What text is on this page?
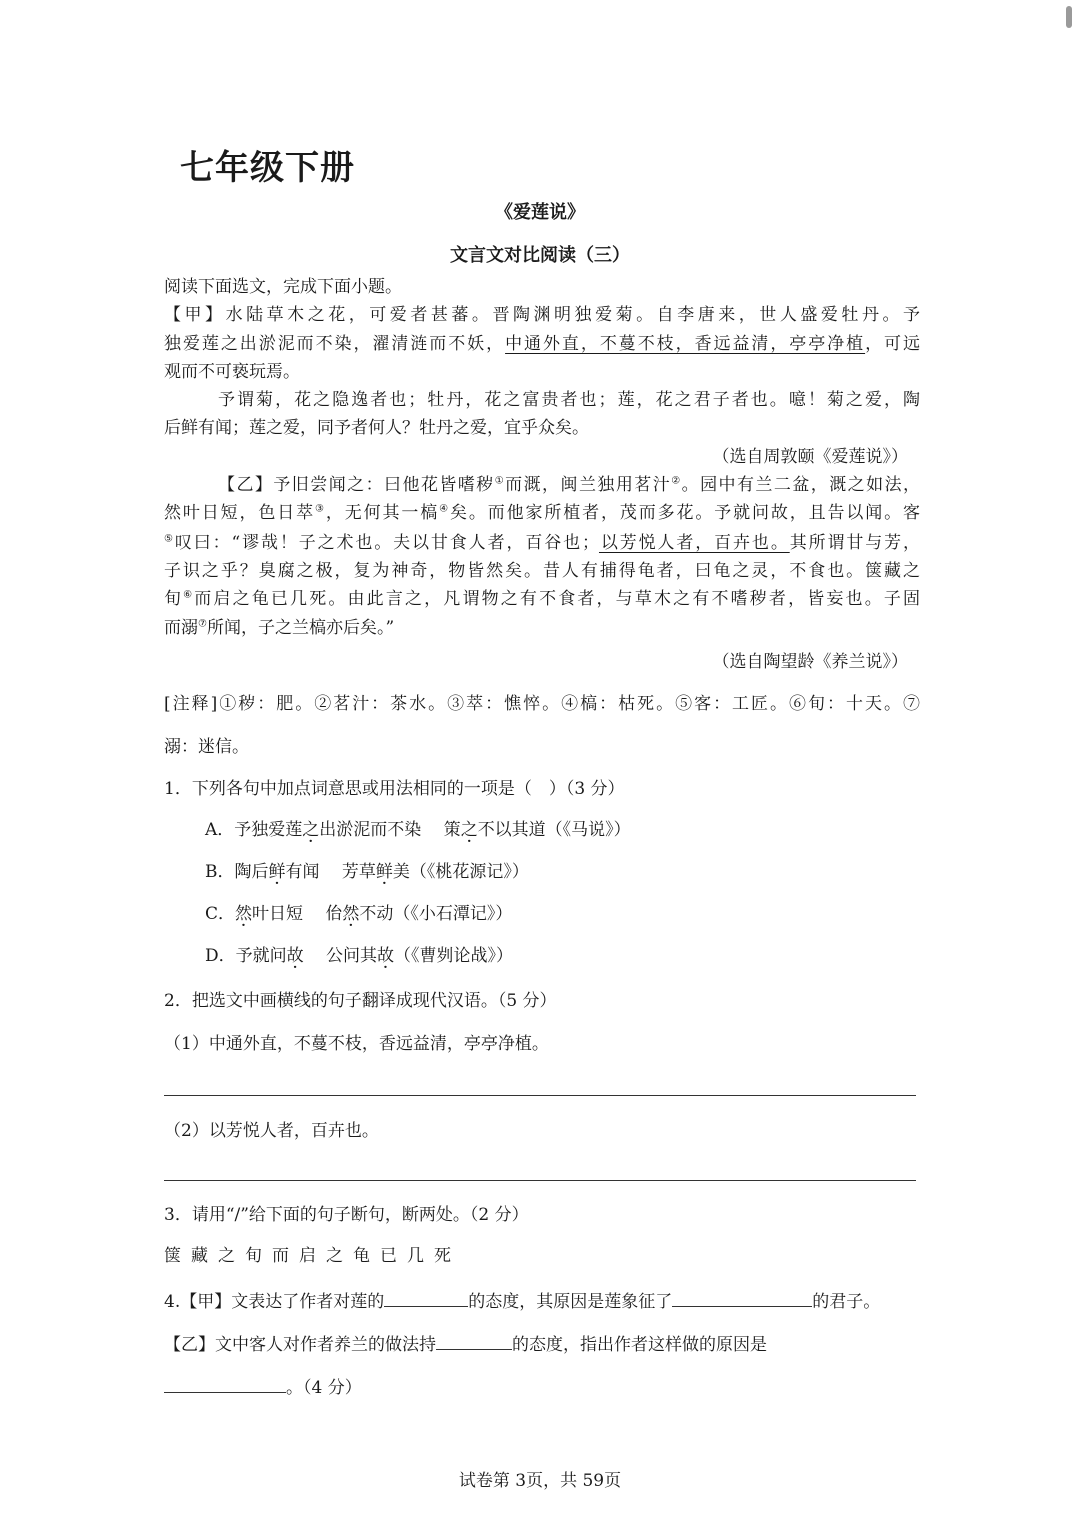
七年级下册
《爱莲说》
文言文对比阅读（三）
阅读下面选文，完成下面小题。
【甲】水陆草木之花，可爱者甚蕃。晋陶渊明独爱菊。自李唐来，世人盛爱牡丹。予
独爱莲之出淤泥而不染，濯清涟而不妖，中通外直，不蔓不枝，香远益清，亭亭净植，可远
观而不可亵玩焉。
予谓菊，花之隐逸者也；牡丹，花之富贵者也；莲，花之君子者也。噫！菊之爱，陶
后鲜有闻；莲之爱，同予者何人？牡丹之爱，宜乎众矣。
（选自周敦颐《爱莲说》）
【乙】予旧尝闻之：曰他花皆嗜秽①而溉，闽兰独用茗汁②。园中有兰二盆，溉之如法，
然叶日短，色日萃③，无何其一槁④矣。而他家所植者，茂而多花。予就问故，且告以闻。客
⑤叹曰：“谬哉！子之术也。夫以甘食人者，百谷也；以芳悦人者，百卉也。其所谓甘与芳，
子识之乎？臭腐之极，复为神奇，物皆然矣。昔人有捕得龟者，曰龟之灵，不食也。箧藏之
旬⑥而启之龟已几死。由此言之，凡谓物之有不食者，与草木之有不嗜秽者，皆妄也。子固
而溺⑦所闻，子之兰槁亦后矣。”
（选自陶望龄《养兰说》）
[注释]①秽：肥。②茗汁：茶水。③萃：憔悴。④槁：枯死。⑤客：工匠。⑥旬：十天。⑦
溺：迷信。
1．下列各句中加点词意思或用法相同的一项是（　）（3 分）
A．予独爱莲之出淤泥而不染　 策之不以其道（《马说》）
B．陶后鲜有闻　 芳草鲜美（《桃花源记》）
C．然叶日短　 佁然不动（《小石潭记》）
D．予就问故　 公问其故（《曹刿论战》）
2．把选文中画横线的句子翻译成现代汉语。（5 分）
（1）中通外直，不蔓不枝，香远益清，亭亭净植。
（2）以芳悦人者，百卉也。
3．请用“/”给下面的句子断句，断两处。（2 分）
箧藏之旬而启之龟已几死
4.【甲】文表达了作者对莲的	的态度，其原因是莲象征了	的君子。
【乙】文中客人对作者养兰的做法持	的态度，指出作者这样做的原因是
。（4 分）
试卷第 3页，共 59页
